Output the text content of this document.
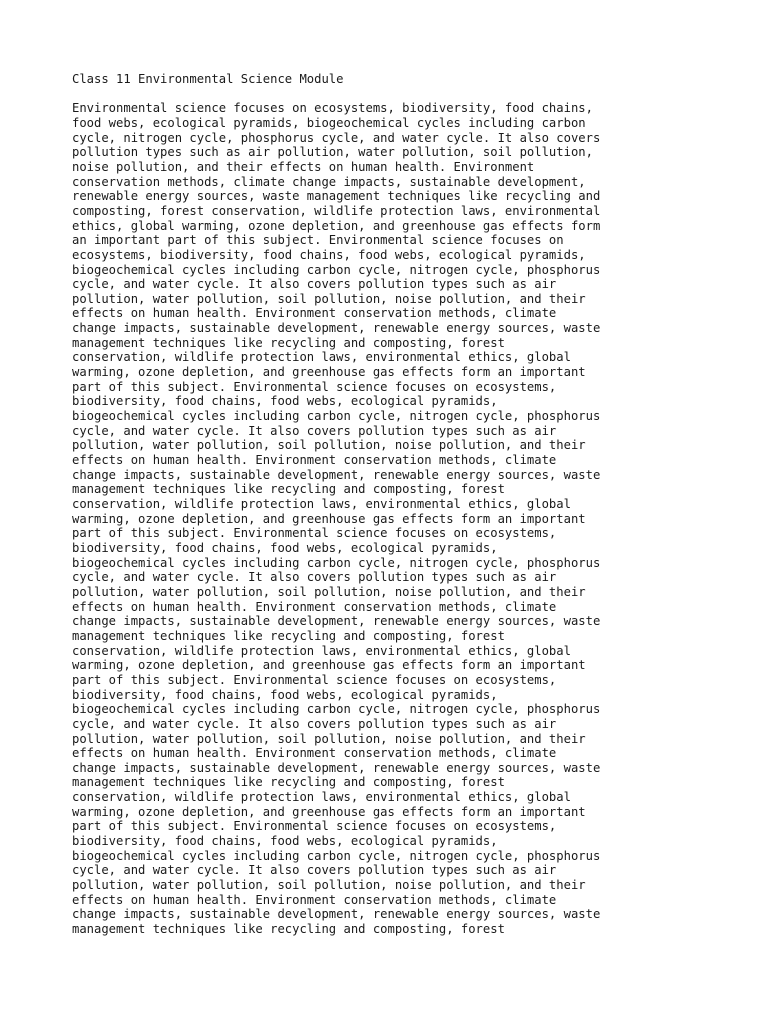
Class 11 Environmental Science Module
Environmental science focuses on ecosystems, biodiversity, food chains,
food webs, ecological pyramids, biogeochemical cycles including carbon
cycle, nitrogen cycle, phosphorus cycle, and water cycle. It also covers
pollution types such as air pollution, water pollution, soil pollution,
noise pollution, and their effects on human health. Environment
conservation methods, climate change impacts, sustainable development,
renewable energy sources, waste management techniques like recycling and
composting, forest conservation, wildlife protection laws, environmental
ethics, global warming, ozone depletion, and greenhouse gas effects form
an important part of this subject. Environmental science focuses on
ecosystems, biodiversity, food chains, food webs, ecological pyramids,
biogeochemical cycles including carbon cycle, nitrogen cycle, phosphorus
cycle, and water cycle. It also covers pollution types such as air
pollution, water pollution, soil pollution, noise pollution, and their
effects on human health. Environment conservation methods, climate
change impacts, sustainable development, renewable energy sources, waste
management techniques like recycling and composting, forest
conservation, wildlife protection laws, environmental ethics, global
warming, ozone depletion, and greenhouse gas effects form an important
part of this subject. Environmental science focuses on ecosystems,
biodiversity, food chains, food webs, ecological pyramids,
biogeochemical cycles including carbon cycle, nitrogen cycle, phosphorus
cycle, and water cycle. It also covers pollution types such as air
pollution, water pollution, soil pollution, noise pollution, and their
effects on human health. Environment conservation methods, climate
change impacts, sustainable development, renewable energy sources, waste
management techniques like recycling and composting, forest
conservation, wildlife protection laws, environmental ethics, global
warming, ozone depletion, and greenhouse gas effects form an important
part of this subject. Environmental science focuses on ecosystems,
biodiversity, food chains, food webs, ecological pyramids,
biogeochemical cycles including carbon cycle, nitrogen cycle, phosphorus
cycle, and water cycle. It also covers pollution types such as air
pollution, water pollution, soil pollution, noise pollution, and their
effects on human health. Environment conservation methods, climate
change impacts, sustainable development, renewable energy sources, waste
management techniques like recycling and composting, forest
conservation, wildlife protection laws, environmental ethics, global
warming, ozone depletion, and greenhouse gas effects form an important
part of this subject. Environmental science focuses on ecosystems,
biodiversity, food chains, food webs, ecological pyramids,
biogeochemical cycles including carbon cycle, nitrogen cycle, phosphorus
cycle, and water cycle. It also covers pollution types such as air
pollution, water pollution, soil pollution, noise pollution, and their
effects on human health. Environment conservation methods, climate
change impacts, sustainable development, renewable energy sources, waste
management techniques like recycling and composting, forest
conservation, wildlife protection laws, environmental ethics, global
warming, ozone depletion, and greenhouse gas effects form an important
part of this subject. Environmental science focuses on ecosystems,
biodiversity, food chains, food webs, ecological pyramids,
biogeochemical cycles including carbon cycle, nitrogen cycle, phosphorus
cycle, and water cycle. It also covers pollution types such as air
pollution, water pollution, soil pollution, noise pollution, and their
effects on human health. Environment conservation methods, climate
change impacts, sustainable development, renewable energy sources, waste
management techniques like recycling and composting, forest
